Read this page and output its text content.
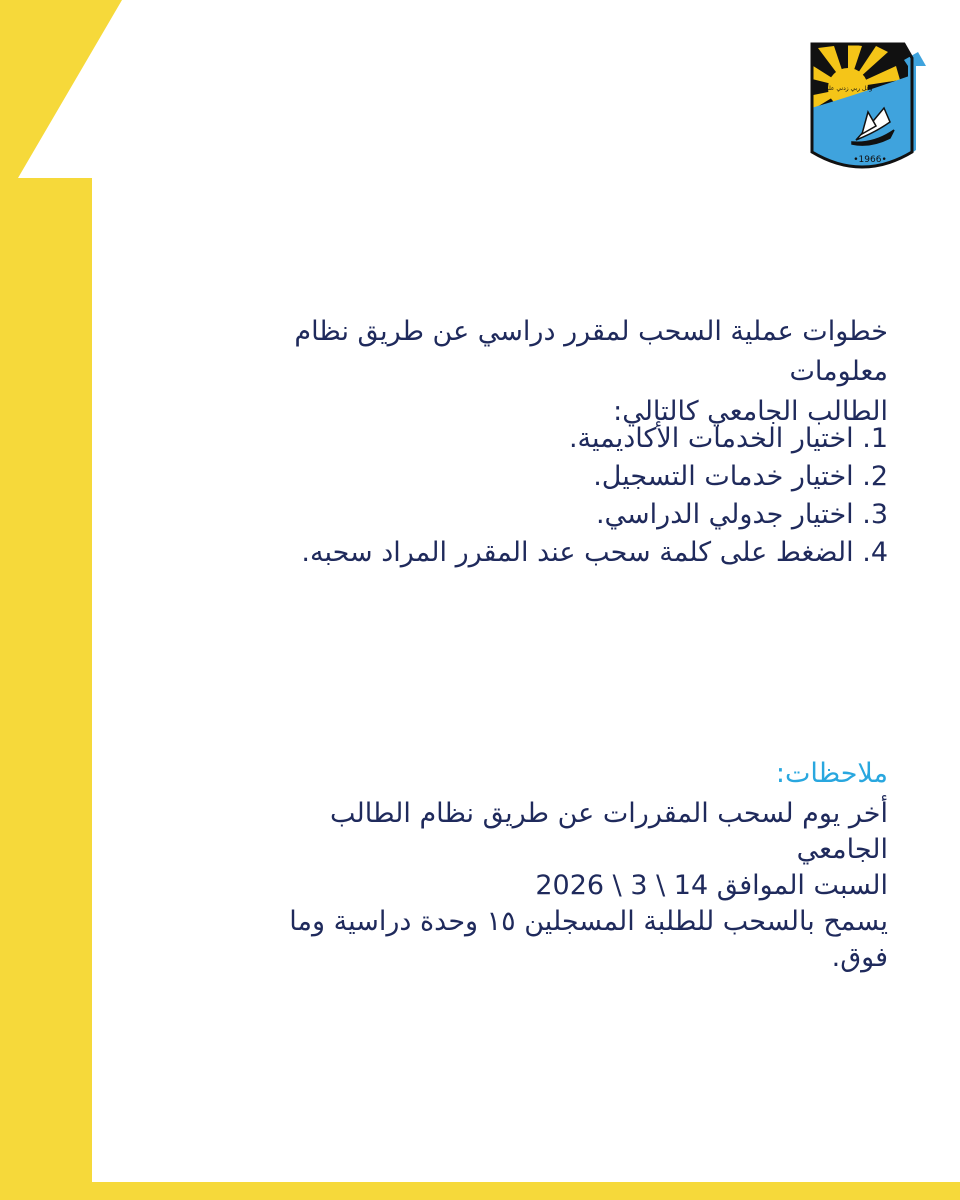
وقل ربي زدني علما
•1966•

خطوات عملية السحب لمقرر دراسي عن طريق نظام معلومات

الطالب الجامعي كالتالي:

1. اختيار الخدمات الأكاديمية.

2. اختيار خدمات التسجيل.

3. اختيار جدولي الدراسي.

4. الضغط على كلمة سحب عند المقرر المراد سحبه.

ملاحظات:

أخر يوم لسحب المقررات عن طريق نظام الطالب الجامعي

السبت الموافق 14 \ 3 \ 2026

يسمح بالسحب للطلبة المسجلين ١٥ وحدة دراسية وما فوق.
